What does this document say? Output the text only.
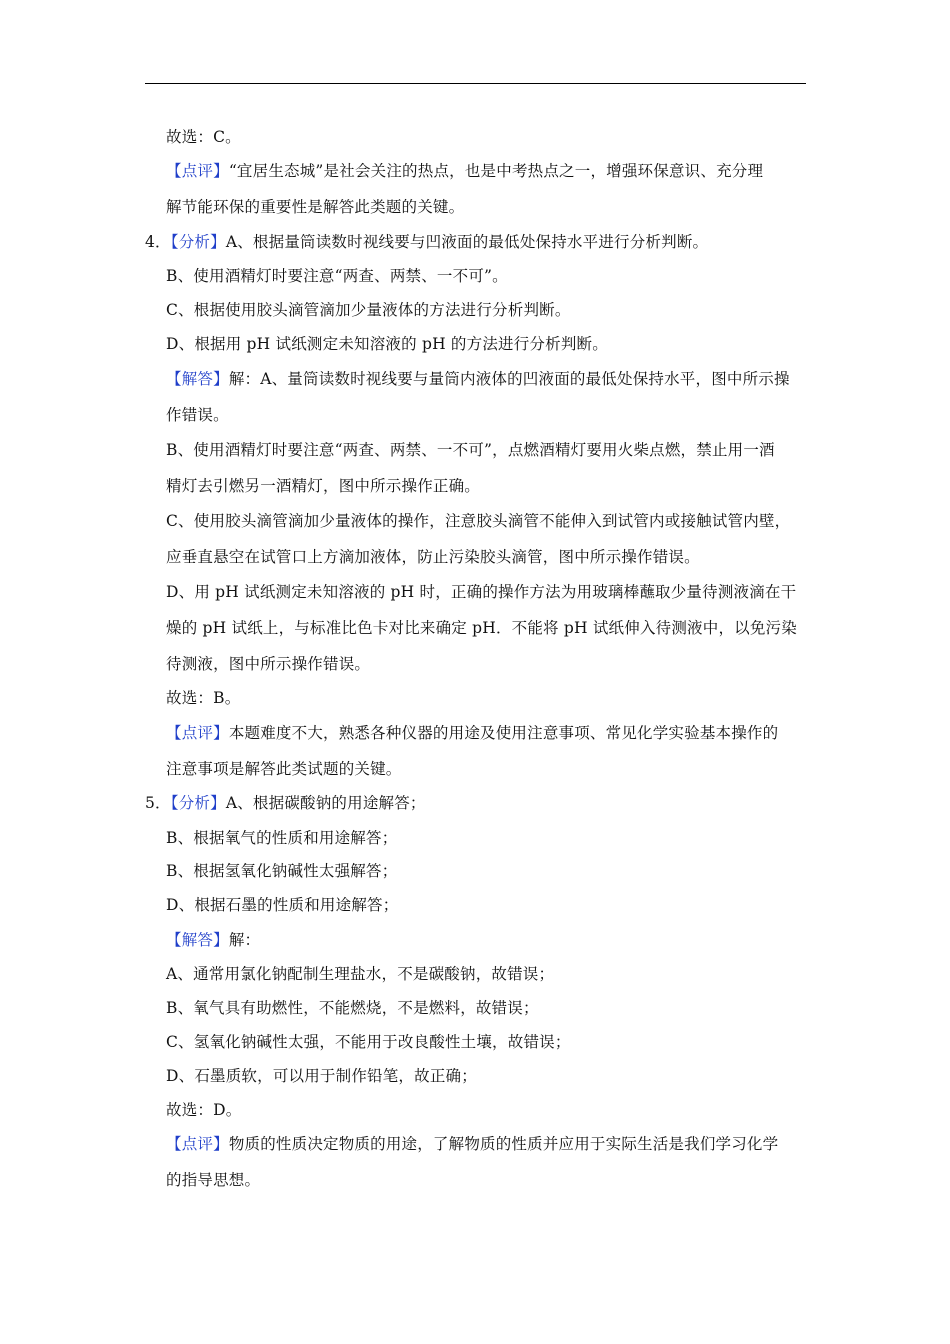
故选：C。
【点评】“宜居生态城”是社会关注的热点，也是中考热点之一，增强环保意识、充分理
解节能环保的重要性是解答此类题的关键。
4．【分析】A、根据量筒读数时视线要与凹液面的最低处保持水平进行分析判断。
B、使用酒精灯时要注意“两查、两禁、一不可”。
C、根据使用胶头滴管滴加少量液体的方法进行分析判断。
D、根据用 pH 试纸测定未知溶液的 pH 的方法进行分析判断。
【解答】解：A、量筒读数时视线要与量筒内液体的凹液面的最低处保持水平，图中所示操
作错误。
B、使用酒精灯时要注意“两查、两禁、一不可”，点燃酒精灯要用火柴点燃，禁止用一酒
精灯去引燃另一酒精灯，图中所示操作正确。
C、使用胶头滴管滴加少量液体的操作，注意胶头滴管不能伸入到试管内或接触试管内壁，
应垂直悬空在试管口上方滴加液体，防止污染胶头滴管，图中所示操作错误。
D、用 pH 试纸测定未知溶液的 pH 时，正确的操作方法为用玻璃棒蘸取少量待测液滴在干
燥的 pH 试纸上，与标准比色卡对比来确定 pH．不能将 pH 试纸伸入待测液中，以免污染
待测液，图中所示操作错误。
故选：B。
【点评】本题难度不大，熟悉各种仪器的用途及使用注意事项、常见化学实验基本操作的
注意事项是解答此类试题的关键。
5．【分析】A、根据碳酸钠的用途解答；
B、根据氧气的性质和用途解答；
B、根据氢氧化钠碱性太强解答；
D、根据石墨的性质和用途解答；
【解答】解：
A、通常用氯化钠配制生理盐水，不是碳酸钠，故错误；
B、氧气具有助燃性，不能燃烧，不是燃料，故错误；
C、氢氧化钠碱性太强，不能用于改良酸性土壤，故错误；
D、石墨质软，可以用于制作铅笔，故正确；
故选：D。
【点评】物质的性质决定物质的用途，了解物质的性质并应用于实际生活是我们学习化学
的指导思想。
